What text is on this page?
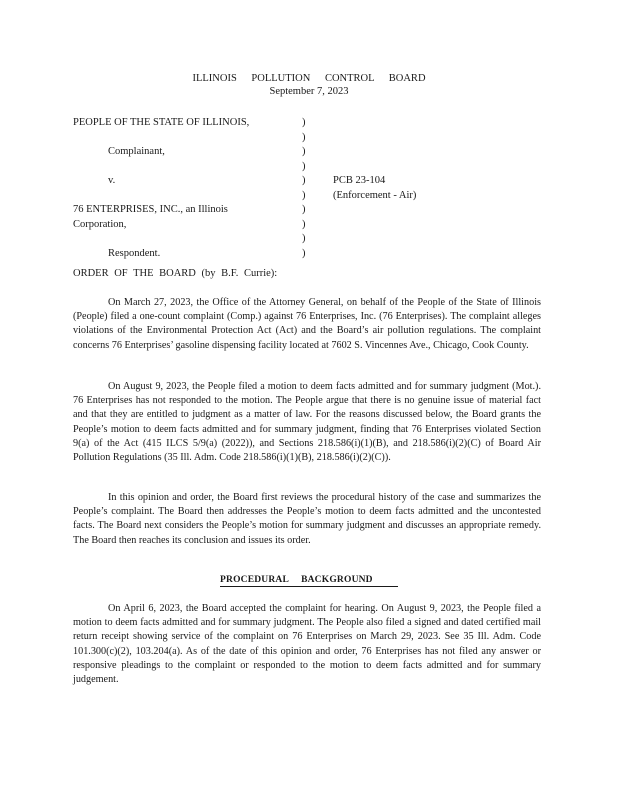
ILLINOIS POLLUTION CONTROL BOARD
September 7, 2023
PEOPLE OF THE STATE OF ILLINOIS,
Complainant,
v.
76 ENTERPRISES, INC., an Illinois
Corporation,
Respondent.
)
)
)
)
)
)
)
)
)
)
PCB 23-104
(Enforcement - Air)
ORDER OF THE BOARD (by B.F. Currie):

On March 27, 2023, the Office of the Attorney General, on behalf of the People of the State of Illinois (People) filed a one-count complaint (Comp.) against 76 Enterprises, Inc. (76 Enterprises). The complaint alleges violations of the Environmental Protection Act (Act) and the Board’s air pollution regulations. The complaint concerns 76 Enterprises’ gasoline dispensing facility located at 7602 S. Vincennes Ave., Chicago, Cook County.

On August 9, 2023, the People filed a motion to deem facts admitted and for summary judgment (Mot.). 76 Enterprises has not responded to the motion. The People argue that there is no genuine issue of material fact and that they are entitled to judgment as a matter of law. For the reasons discussed below, the Board grants the People’s motion to deem facts admitted and for summary judgment, finding that 76 Enterprises violated Section 9(a) of the Act (415 ILCS 5/9(a) (2022)), and Sections 218.586(i)(1)(B), and 218.586(i)(2)(C) of Board Air Pollution Regulations (35 Ill. Adm. Code 218.586(i)(1)(B), 218.586(i)(2)(C)).

In this opinion and order, the Board first reviews the procedural history of the case and summarizes the People’s complaint. The Board then addresses the People’s motion to deem facts admitted and the uncontested facts. The Board next considers the People’s motion for summary judgment and discusses an appropriate remedy. The Board then reaches its conclusion and issues its order.

PROCEDURAL BACKGROUND

On April 6, 2023, the Board accepted the complaint for hearing. On August 9, 2023, the People filed a motion to deem facts admitted and for summary judgment. The People also filed a signed and dated certified mail return receipt showing service of the complaint on 76 Enterprises on March 29, 2023. See 35 Ill. Adm. Code 101.300(c)(2), 103.204(a). As of the date of this opinion and order, 76 Enterprises has not filed any answer or responsive pleadings to the complaint or responded to the motion to deem facts admitted and for summary judgement.
